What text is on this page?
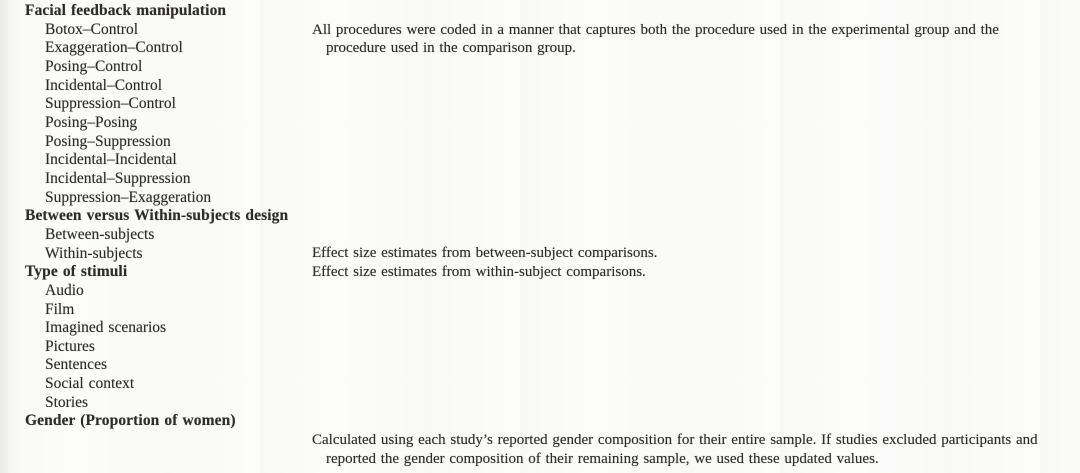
Facial feedback manipulation
Botox–Control
Exaggeration–Control
Posing–Control
Incidental–Control
Suppression–Control
Posing–Posing
Posing–Suppression
Incidental–Incidental
Incidental–Suppression
Suppression–Exaggeration
Between versus Within-subjects design
Between-subjects
Within-subjects
Type of stimuli
Audio
Film
Imagined scenarios
Pictures
Sentences
Social context
Stories
Gender (Proportion of women)
All procedures were coded in a manner that captures both the procedure used in the experimental group and the procedure used in the comparison group.
Effect size estimates from between-subject comparisons.
Effect size estimates from within-subject comparisons.
Calculated using each study’s reported gender composition for their entire sample. If studies excluded participants and reported the gender composition of their remaining sample, we used these updated values.
